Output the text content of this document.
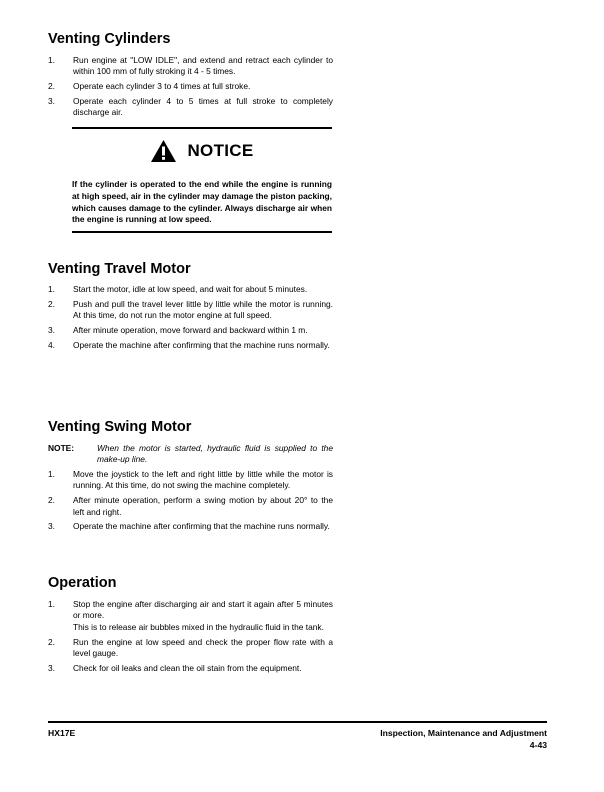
Venting Cylinders
1. Run engine at "LOW IDLE", and extend and retract each cylinder to within 100 mm of fully stroking it 4 - 5 times.
2. Operate each cylinder 3 to 4 times at full stroke.
3. Operate each cylinder 4 to 5 times at full stroke to completely discharge air.
NOTICE

If the cylinder is operated to the end while the engine is running at high speed, air in the cylinder may damage the piston packing, which causes damage to the cylinder. Always discharge air when the engine is running at low speed.

Venting Travel Motor
1. Start the motor, idle at low speed, and wait for about 5 minutes.
2. Push and pull the travel lever little by little while the motor is running. At this time, do not run the motor engine at full speed.
3. After minute operation, move forward and backward within 1 m.
4. Operate the machine after confirming that the machine runs normally.
Venting Swing Motor
NOTE:	When the motor is started, hydraulic fluid is supplied to the make-up line.
1. Move the joystick to the left and right little by little while the motor is running. At this time, do not swing the machine completely.
2. After minute operation, perform a swing motion by about 20° to the left and right.
3. Operate the machine after confirming that the machine runs normally.
Operation
1. Stop the engine after discharging air and start it again after 5 minutes or more.
This is to release air bubbles mixed in the hydraulic fluid in the tank.
2. Run the engine at low speed and check the proper flow rate with a level gauge.
3. Check for oil leaks and clean the oil stain from the equipment.
HX17E	Inspection, Maintenance and Adjustment
4-43
